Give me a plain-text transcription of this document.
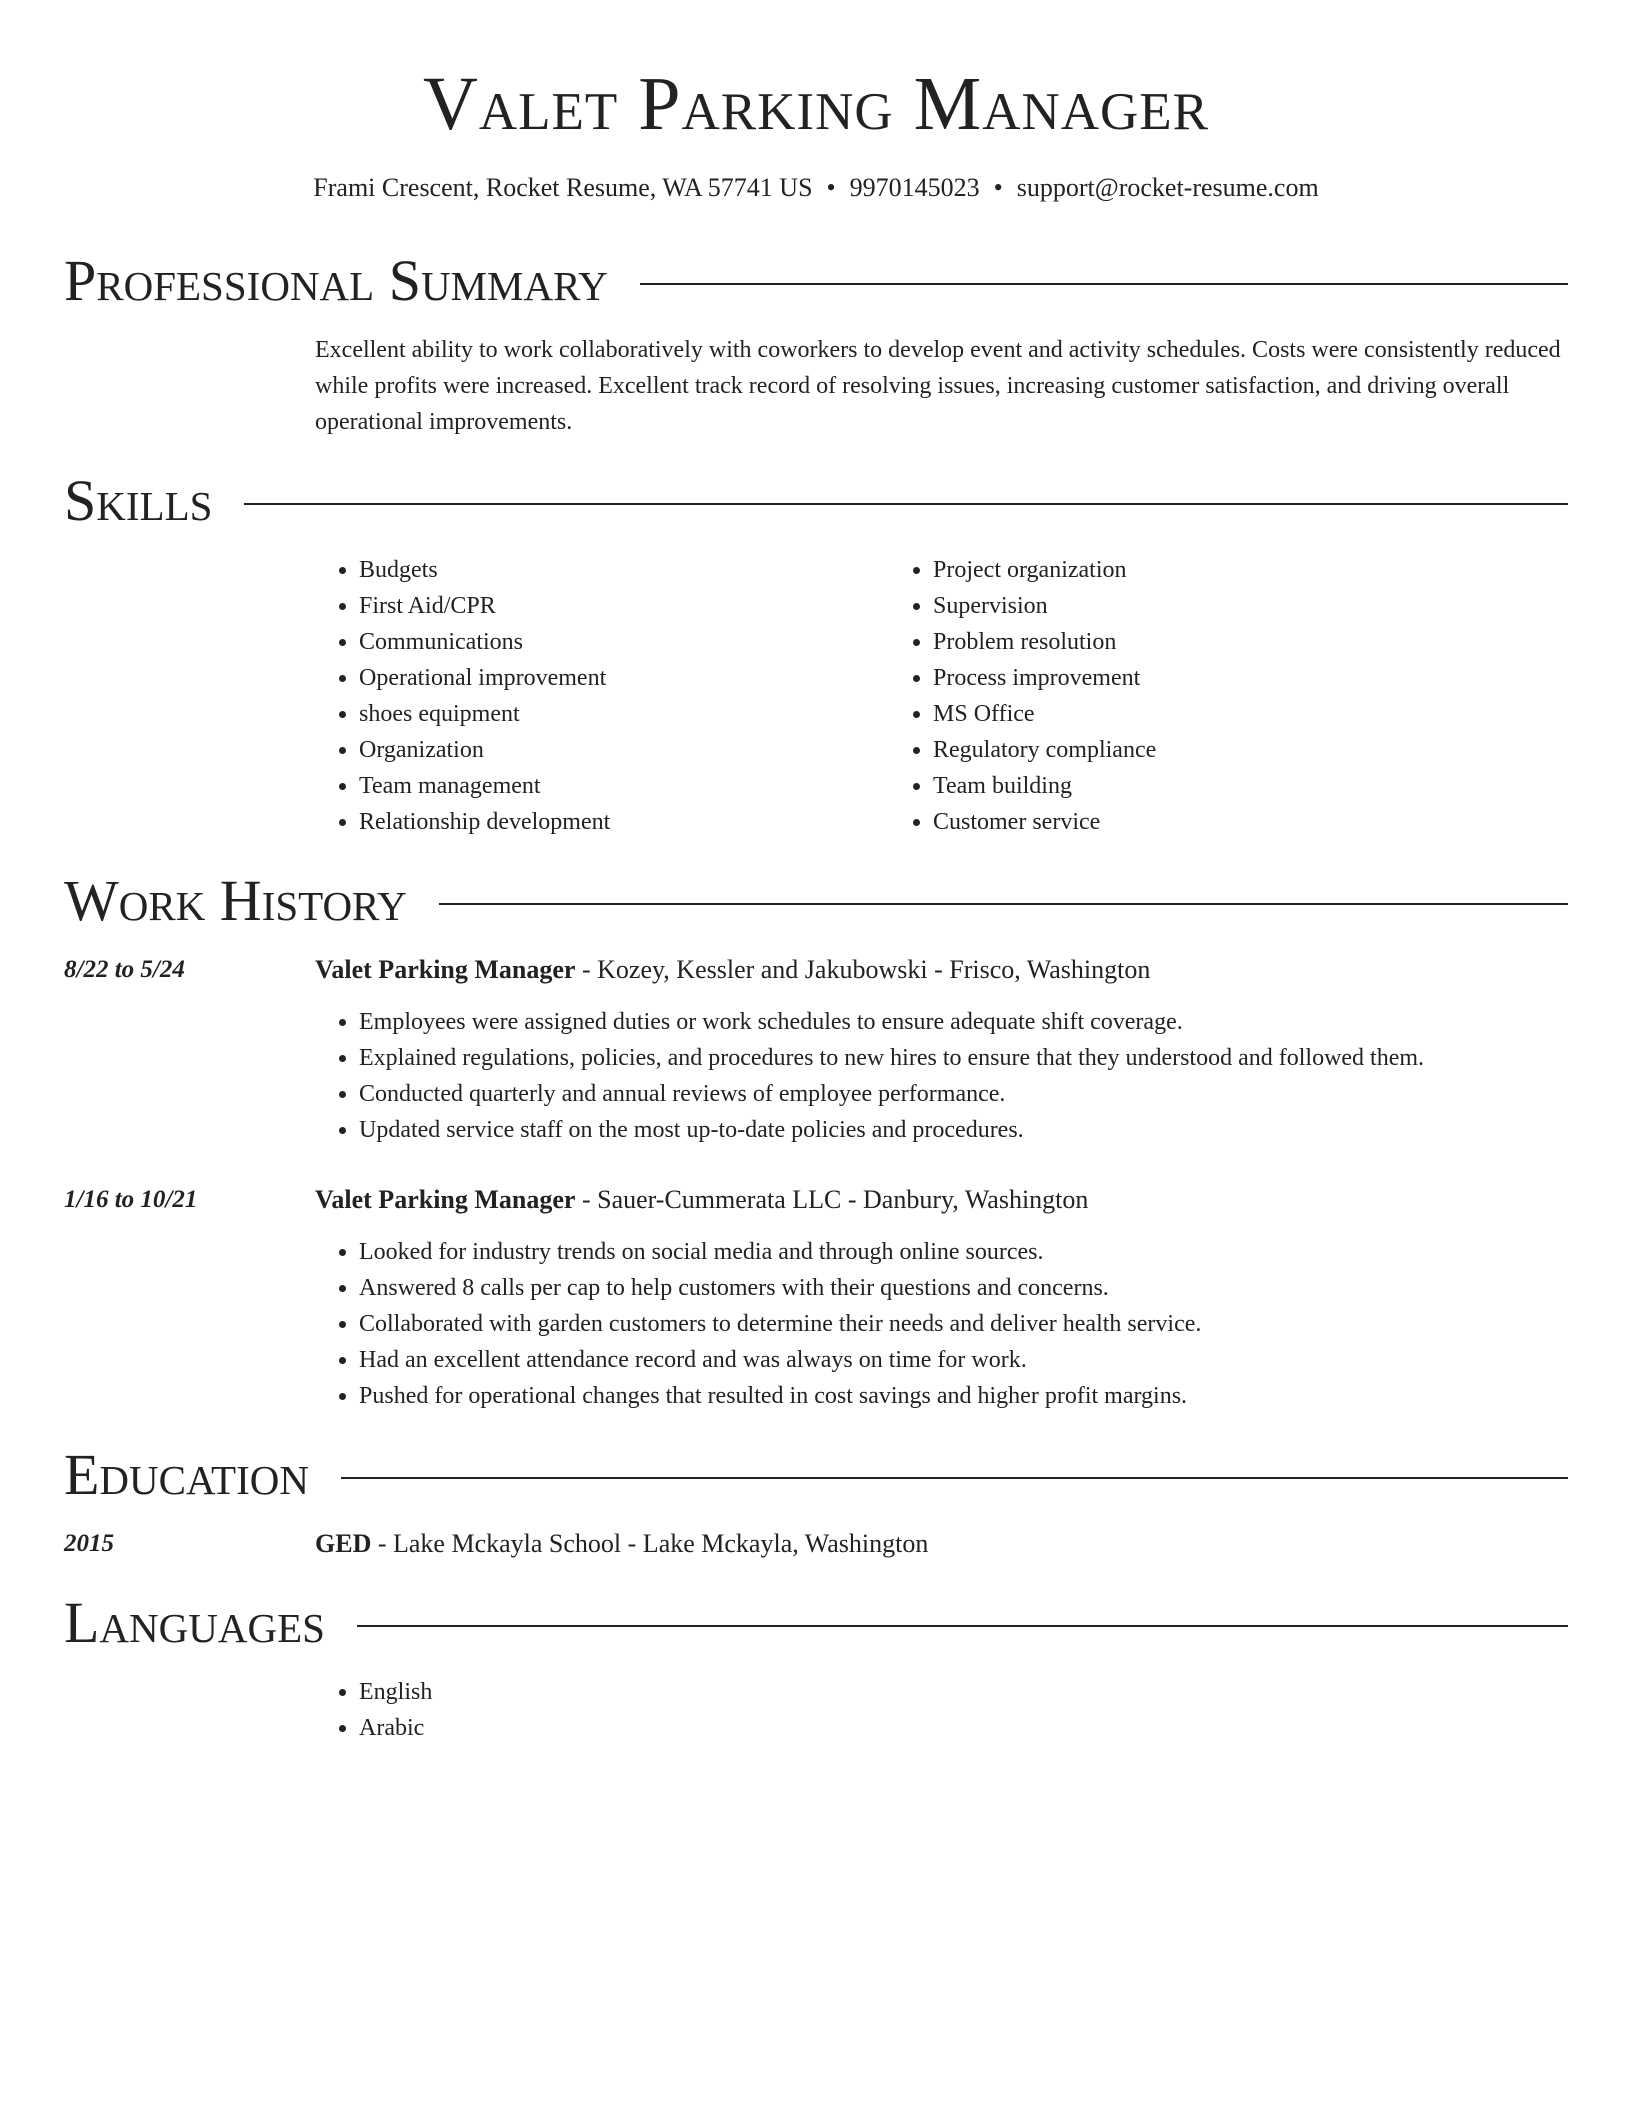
Valet Parking Manager
Frami Crescent, Rocket Resume, WA 57741 US • 9970145023 • support@rocket-resume.com
Professional Summary
Excellent ability to work collaboratively with coworkers to develop event and activity schedules. Costs were consistently reduced while profits were increased. Excellent track record of resolving issues, increasing customer satisfaction, and driving overall operational improvements.
Skills
• Budgets
• First Aid/CPR
• Communications
• Operational improvement
• shoes equipment
• Organization
• Team management
• Relationship development
• Project organization
• Supervision
• Problem resolution
• Process improvement
• MS Office
• Regulatory compliance
• Team building
• Customer service
Work History
8/22 to 5/24	Valet Parking Manager - Kozey, Kessler and Jakubowski - Frisco, Washington
• Employees were assigned duties or work schedules to ensure adequate shift coverage.
• Explained regulations, policies, and procedures to new hires to ensure that they understood and followed them.
• Conducted quarterly and annual reviews of employee performance.
• Updated service staff on the most up-to-date policies and procedures.
1/16 to 10/21	Valet Parking Manager - Sauer-Cummerata LLC - Danbury, Washington
• Looked for industry trends on social media and through online sources.
• Answered 8 calls per cap to help customers with their questions and concerns.
• Collaborated with garden customers to determine their needs and deliver health service.
• Had an excellent attendance record and was always on time for work.
• Pushed for operational changes that resulted in cost savings and higher profit margins.
Education
2015	GED - Lake Mckayla School - Lake Mckayla, Washington
Languages
• English
• Arabic
